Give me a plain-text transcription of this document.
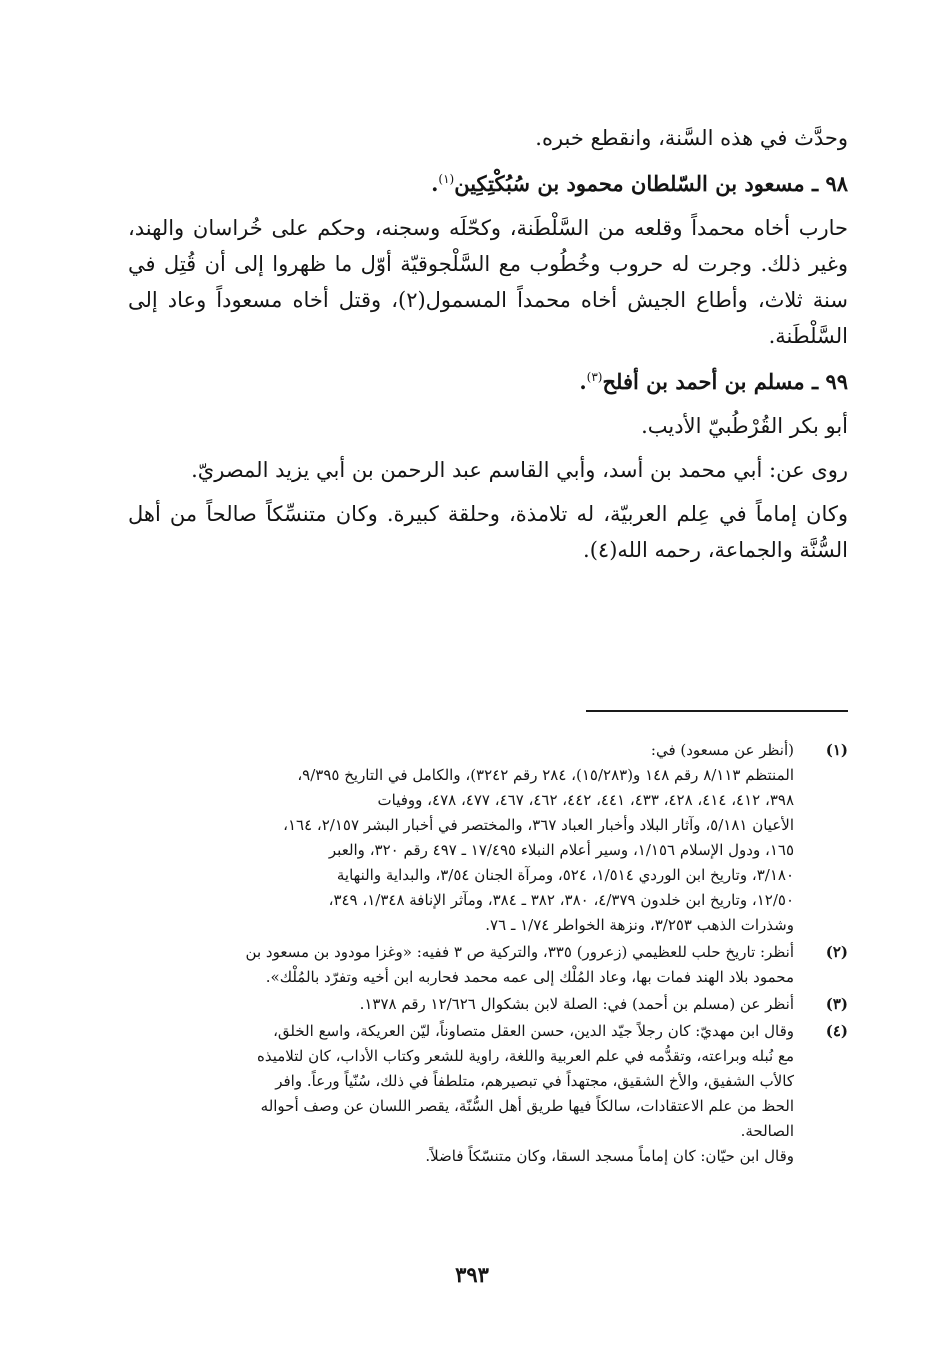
وحدَّث في هذه السَّنة، وانقطع خبره.

٩٨ ـ مسعود بن السّلطان محمود بن سُبُكْتِكِين$^{(١)}$.

حارب أخاه محمداً وقلعه من السَّلْطَنة، وكحّلَه وسجنه، وحكم على خُراسان والهند، وغير ذلك. وجرت له حروب وخُطُوب مع السَّلْجوقيّة أوّل ما ظهروا إلى أن قُتِل في سنة ثلاث، وأطاع الجيش أخاه محمداً المسمول(٢)، وقتل أخاه مسعوداً وعاد إلى السَّلْطَنة.

٩٩ ـ مسلم بن أحمد بن أفلح$^{(٣)}$.

أبو بكر القُرْطُبيّ الأديب.

روى عن: أبي محمد بن أسد، وأبي القاسم عبد الرحمن بن أبي يزيد المصريّ.

وكان إماماً في عِلم العربيّة، له تلامذة، وحلقة كبيرة. وكان متنسِّكاً صالحاً من أهل السُّنَّة والجماعة، رحمه الله(٤).

(١)
(أنظر عن مسعود) في:
المنتظم ٨/١١٣ رقم ١٤٨ و(١٥/٢٨٣)، ٢٨٤ رقم ٣٢٤٢)، والكامل في التاريخ ٩/٣٩٥،
٣٩٨، ٤١٢، ٤١٤، ٤٢٨، ٤٣٣، ٤٤١، ٤٤٢، ٤٦٢، ٤٦٧، ٤٧٧، ٤٧٨، ووفيات
الأعيان ٥/١٨١، وآثار البلاد وأخبار العباد ٣٦٧، والمختصر في أخبار البشر ٢/١٥٧، ١٦٤،
١٦٥، ودول الإسلام ١/١٥٦، وسير أعلام النبلاء ١٧/٤٩٥ ـ ٤٩٧ رقم ٣٢٠، والعبر
٣/١٨٠، وتاريخ ابن الوردي ١/٥١٤، ٥٢٤، ومرآة الجنان ٣/٥٤، والبداية والنهاية
١٢/٥٠، وتاريخ ابن خلدون ٤/٣٧٩، ٣٨٠، ٣٨٢ ـ ٣٨٤، ومآثر الإنافة ١/٣٤٨، ٣٤٩،
وشذرات الذهب ٣/٢٥٣، ونزهة الخواطر ١/٧٤ ـ ٧٦.
(٢)
أنظر: تاريخ حلب للعظيمي (زعرور) ٣٣٥، والتركية ص ٣ ففيه: «وغزا مودود بن مسعود بن
محمود بلاد الهند فمات بها، وعاد المُلْك إلى عمه محمد فحاربه ابن أخيه وتفرّد بالمُلْك».
(٣)
أنظر عن (مسلم بن أحمد) في: الصلة لابن بشكوال ١٢/٦٢٦ رقم ١٣٧٨.
(٤)
وقال ابن مهديّ: كان رجلاً جيّد الدين، حسن العقل متصاوناً، ليّن العريكة، واسع الخلق،
مع نُبله وبراعته، وتقدُّمه في علم العربية واللغة، راوية للشعر وكتاب الأداب، كان لتلاميذه
كالأب الشفيق، والأخ الشقيق، مجتهداً في تبصيرهم، متلطفاً في ذلك، سُنّياً ورعاً. وافر
الحظ من علم الاعتقادات، سالكاً فيها طريق أهل السُّنّة، يقصر اللسان عن وصف أحواله
الصالحة.
وقال ابن حيّان: كان إماماً مسجد السقا، وكان متنسّكاً فاضلاً.
٣٩٣
